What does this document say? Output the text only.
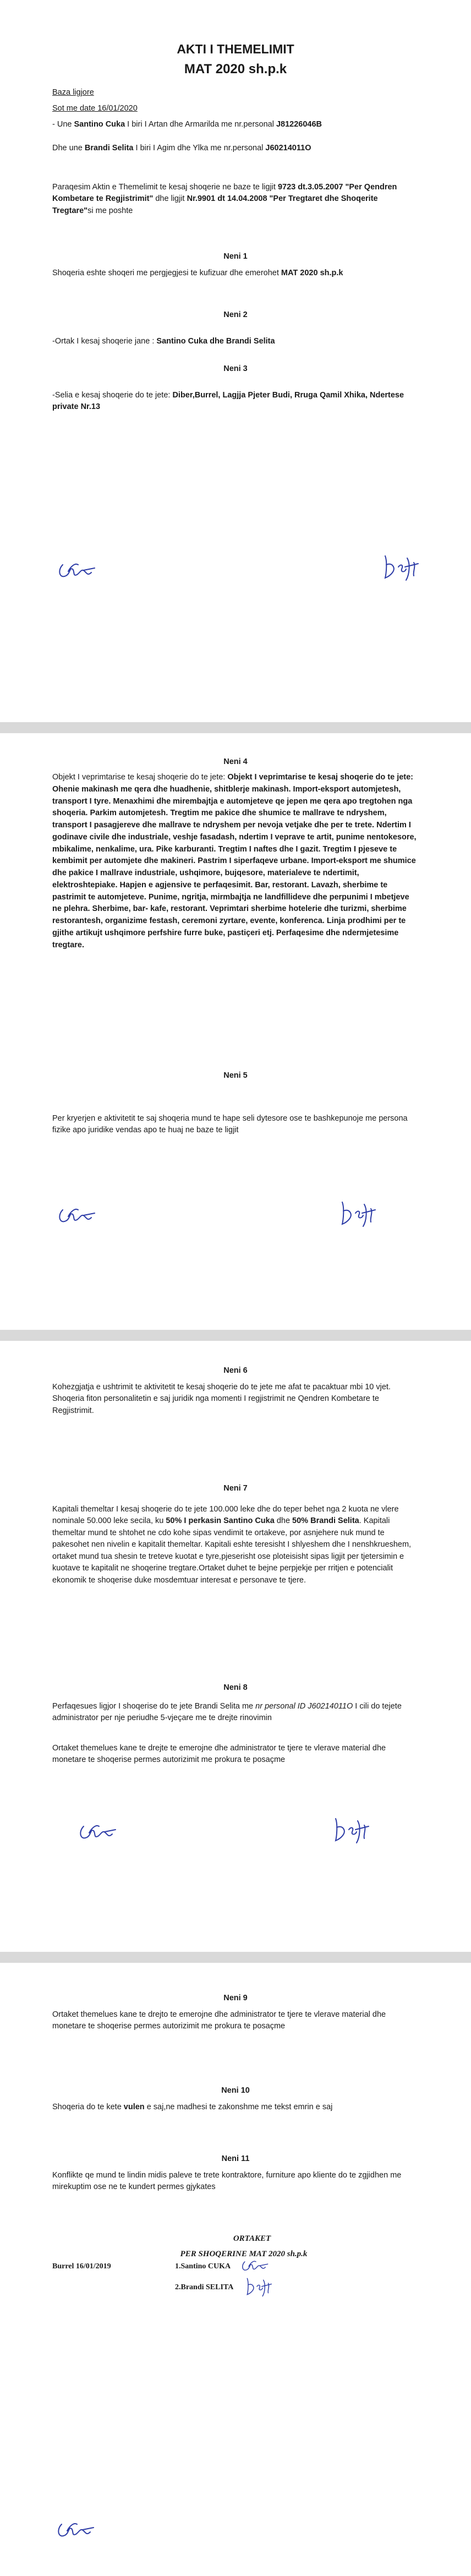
AKTI I THEMELIMIT
MAT 2020 sh.p.k
Baza ligjore
Sot me date 16/01/2020
- Une Santino Cuka I biri I Artan dhe Armarilda me nr.personal J81226046B
Dhe une Brandi Selita I biri I Agim dhe Ylka me nr.personal J60214011O
Paraqesim Aktin e Themelimit te kesaj shoqerie ne baze te ligjit 9723 dt.3.05.2007 "Per Qendren Kombetare te Regjistrimit" dhe ligjit Nr.9901 dt 14.04.2008 "Per Tregtaret dhe Shoqerite Tregtare"si me poshte
Neni 1
Shoqeria eshte shoqeri me pergjegjesi te kufizuar dhe emerohet MAT 2020 sh.p.k
Neni 2
-Ortak I kesaj shoqerie jane : Santino Cuka dhe Brandi Selita
Neni 3
-Selia e kesaj shoqerie do te jete: Diber,Burrel, Lagjja Pjeter Budi, Rruga Qamil Xhika, Ndertese private Nr.13
Neni 4
Objekt I veprimtarise te kesaj shoqerie do te jete: Objekt I veprimtarise te kesaj shoqerie do te jete: Ohenie makinash me qera dhe huadhenie, shitblerje makinash. Import-eksport automjetesh, transport I tyre. Menaxhimi dhe mirembajtja e automjeteve qe jepen me qera apo tregtohen nga shoqeria. Parkim automjetesh. Tregtim me pakice dhe shumice te mallrave te ndryshem, transport I pasagjereve dhe mallrave te ndryshem per nevoja vetjake dhe per te trete. Ndertim I godinave civile dhe industriale, veshje fasadash, ndertim I veprave te artit, punime nentokesore, mbikalime, nenkalime, ura. Pike karburanti. Tregtim I naftes dhe I gazit. Tregtim I pjeseve te kembimit per automjete dhe makineri. Pastrim I siperfaqeve urbane. Import-eksport me shumice dhe pakice I mallrave industriale, ushqimore, bujqesore, materialeve te ndertimit, elektroshtepiake. Hapjen e agjensive te perfaqesimit. Bar, restorant. Lavazh, sherbime te pastrimit te automjeteve. Punime, ngritja, mirmbajtja ne landfillideve dhe perpunimi I mbetjeve ne plehra. Sherbime, bar- kafe, restorant. Veprimtari sherbime hotelerie dhe turizmi, sherbime restorantesh, organizime festash, ceremoni zyrtare, evente, konferenca. Linja prodhimi per te gjithe artikujt ushqimore perfshire furre buke, pastiçeri etj. Perfaqesime dhe ndermjetesime tregtare.
Neni 5
Per kryerjen e aktivitetit te saj shoqeria mund te hape seli dytesore ose te bashkepunoje me persona fizike apo juridike vendas apo te huaj ne baze te ligjit
Neni 6
Kohezgjatja e ushtrimit te aktivitetit te kesaj shoqerie do te jete me afat te pacaktuar mbi 10 vjet. Shoqeria fiton personalitetin e saj juridik nga momenti I regjistrimit ne Qendren Kombetare te Regjistrimit.
Neni 7
Kapitali themeltar I kesaj shoqerie do te jete 100.000 leke dhe do teper behet nga 2 kuota ne vlere nominale 50.000 leke secila, ku 50% I perkasin Santino Cuka dhe 50% Brandi Selita. Kapitali themeltar mund te shtohet ne cdo kohe sipas vendimit te ortakeve, por asnjehere nuk mund te pakesohet nen nivelin e kapitalit themeltar. Kapitali eshte teresisht I shlyeshem dhe I nenshkrueshem, ortaket mund tua shesin te treteve kuotat e tyre,pjeserisht ose ploteisisht sipas ligjit per tjetersimin e kuotave te kapitalit ne shoqerine tregtare.Ortaket duhet te bejne perpjekje per rritjen e potencialit ekonomik te shoqerise duke mosdemtuar interesat e personave te tjere.
Neni 8
Perfaqesues ligjor I shoqerise do te jete Brandi Selita me nr personal ID J60214011O I cili do tejete administrator per nje periudhe 5-vjeçare me te drejte rinovimin
Ortaket themelues kane te drejte te emerojne dhe administrator te tjere te vlerave material dhe monetare te shoqerise permes autorizimit me prokura te posaçme
Neni 9
Ortaket themelues kane te drejto te emerojne dhe administrator te tjere te vlerave material dhe monetare te shoqerise permes autorizimit me prokura te posaçme
Neni 10
Shoqeria do te kete vulen e saj,ne madhesi te zakonshme me tekst emrin e saj
Neni 11
Konflikte qe mund te lindin midis paleve te trete kontraktore, furniture apo kliente do te zgjidhen me mirekuptim ose ne te kundert permes gjykates
ORTAKET
PER SHOQERINE MAT 2020 sh.p.k
Burrel 16/01/2019	1.Santino CUKA
2.Brandi SELITA
